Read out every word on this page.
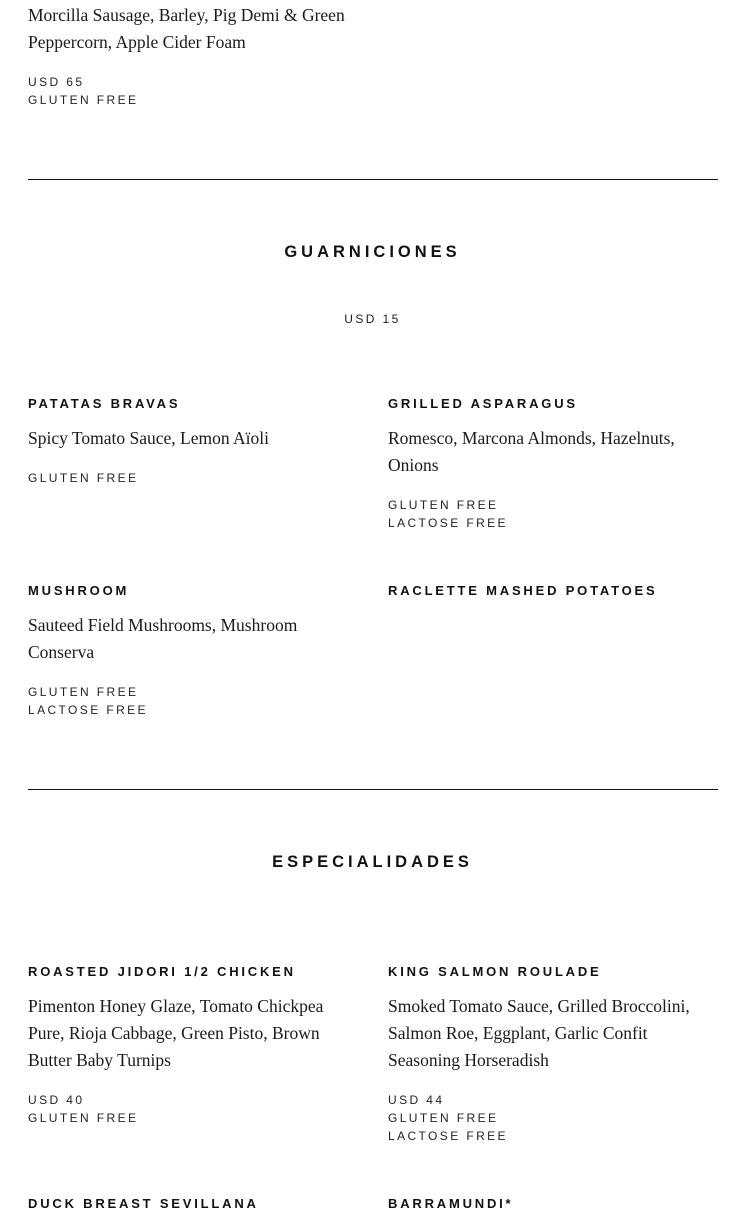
Morcilla Sausage, Barley, Pig Demi & Green Peppercorn, Apple Cider Foam
USD 65
GLUTEN FREE
GUARNICIONES
USD 15
PATATAS BRAVAS
Spicy Tomato Sauce, Lemon Aïoli
GLUTEN FREE
GRILLED ASPARAGUS
Romesco, Marcona Almonds, Hazelnuts, Onions
GLUTEN FREE
LACTOSE FREE
MUSHROOM
Sauteed Field Mushrooms, Mushroom Conserva
GLUTEN FREE
LACTOSE FREE
RACLETTE MASHED POTATOES
ESPECIALIDADES
ROASTED JIDORI 1/2 CHICKEN
Pimenton Honey Glaze, Tomato Chickpea Pure, Rioja Cabbage, Green Pisto, Brown Butter Baby Turnips
USD 40
GLUTEN FREE
KING SALMON ROULADE
Smoked Tomato Sauce, Grilled Broccolini, Salmon Roe, Eggplant, Garlic Confit Seasoning Horseradish
USD 44
GLUTEN FREE
LACTOSE FREE
DUCK BREAST SEVILLANA	BARRAMUNDI*
